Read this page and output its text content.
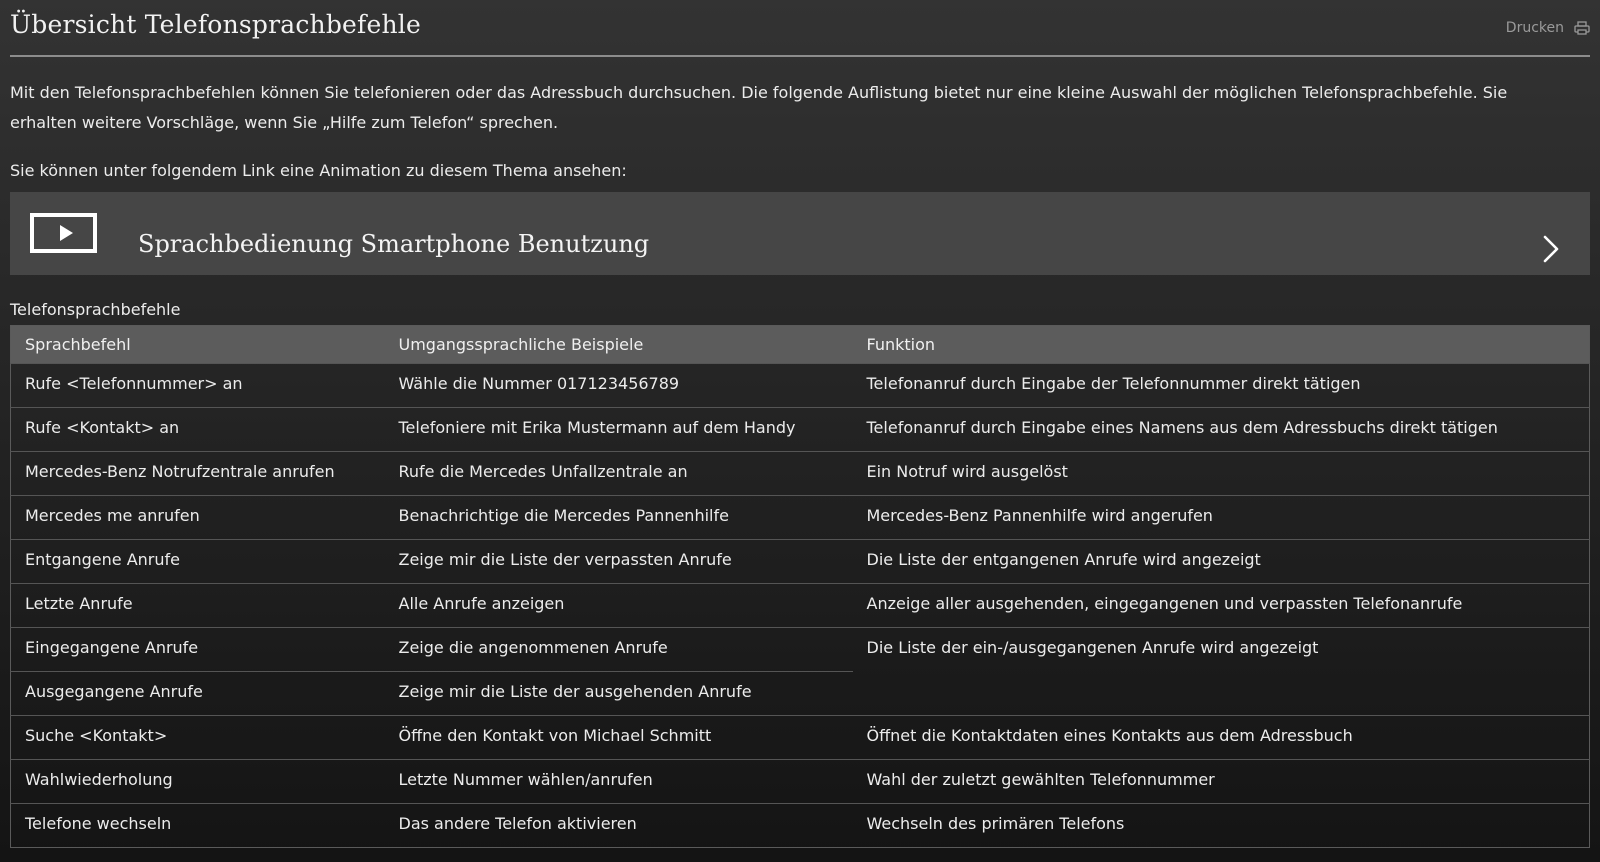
Übersicht Telefonsprachbefehle	Drucken
Mit den Telefonsprachbefehlen können Sie telefonieren oder das Adressbuch durchsuchen. Die folgende Auflistung bietet nur eine kleine Auswahl der möglichen Telefonsprachbefehle. Sie erhalten weitere Vorschläge, wenn Sie „Hilfe zum Telefon“ sprechen.
Sie können unter folgendem Link eine Animation zu diesem Thema ansehen:
Sprachbedienung Smartphone Benutzung
Telefonsprachbefehle
Sprachbefehl	Umgangssprachliche Beispiele	Funktion
Rufe <Telefonnummer> an	Wähle die Nummer 017123456789	Telefonanruf durch Eingabe der Telefonnummer direkt tätigen
Rufe <Kontakt> an	Telefoniere mit Erika Mustermann auf dem Handy	Telefonanruf durch Eingabe eines Namens aus dem Adressbuchs direkt tätigen
Mercedes-Benz Notrufzentrale anrufen	Rufe die Mercedes Unfallzentrale an	Ein Notruf wird ausgelöst
Mercedes me anrufen	Benachrichtige die Mercedes Pannenhilfe	Mercedes-Benz Pannenhilfe wird angerufen
Entgangene Anrufe	Zeige mir die Liste der verpassten Anrufe	Die Liste der entgangenen Anrufe wird angezeigt
Letzte Anrufe	Alle Anrufe anzeigen	Anzeige aller ausgehenden, eingegangenen und verpassten Telefonanrufe
Eingegangene Anrufe	Zeige die angenommenen Anrufe	Die Liste der ein-/ausgegangenen Anrufe wird angezeigt
Ausgegangene Anrufe	Zeige mir die Liste der ausgehenden Anrufe	
Suche <Kontakt>	Öffne den Kontakt von Michael Schmitt	Öffnet die Kontaktdaten eines Kontakts aus dem Adressbuch
Wahlwiederholung	Letzte Nummer wählen/anrufen	Wahl der zuletzt gewählten Telefonnummer
Telefone wechseln	Das andere Telefon aktivieren	Wechseln des primären Telefons
